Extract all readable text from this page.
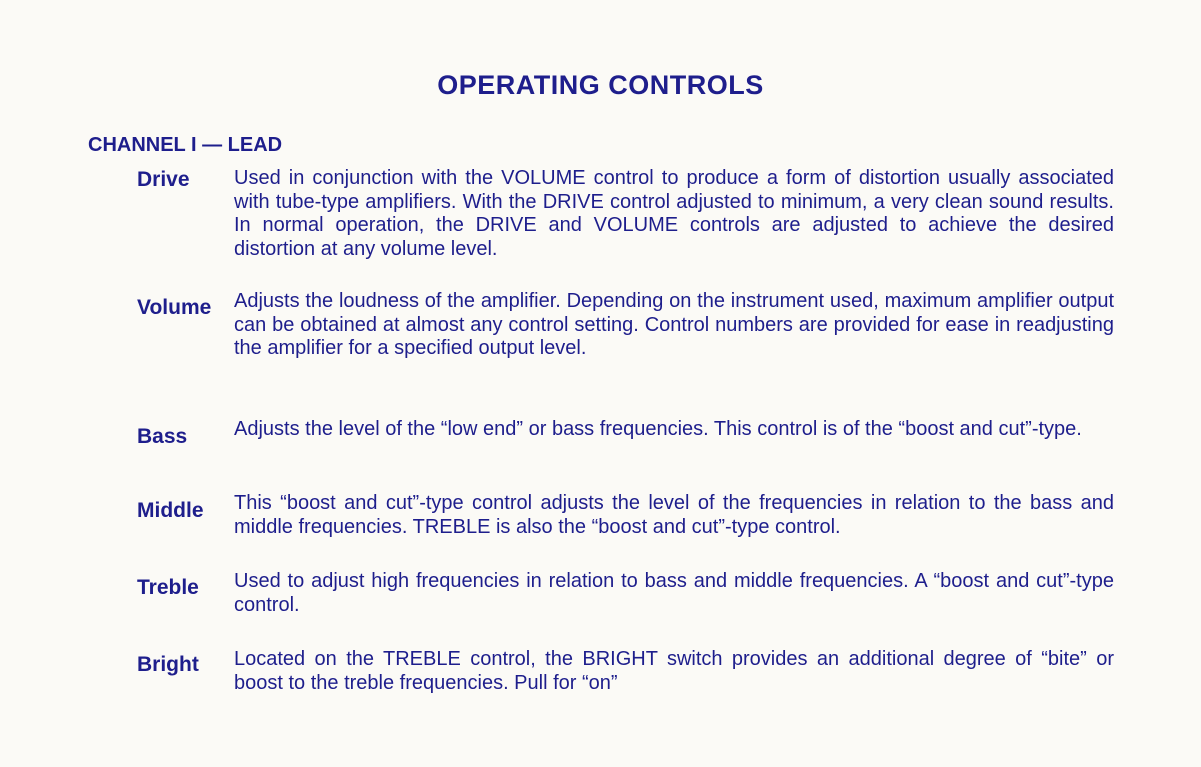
OPERATING CONTROLS
CHANNEL I — LEAD
Drive Used in conjunction with the VOLUME control to produce a form of distortion usually associated with tube-type amplifiers. With the DRIVE control adjusted to minimum, a very clean sound results. In normal operation, the DRIVE and VOLUME controls are adjusted to achieve the desired distortion at any volume level.

Volume Adjusts the loudness of the amplifier. Depending on the instrument used, maximum amplifier output can be obtained at almost any control setting. Control numbers are provided for ease in readjusting the amplifier for a specified output level.

Bass Adjusts the level of the “low end” or bass frequencies. This control is of the “boost and cut”-type.

Middle This “boost and cut”-type control adjusts the level of the frequencies in relation to the bass and middle frequencies. TREBLE is also the “boost and cut”-type control.

Treble Used to adjust high frequencies in relation to bass and middle frequencies. A “boost and cut”-type control.

Bright Located on the TREBLE control, the BRIGHT switch provides an additional degree of “bite” or boost to the treble frequencies. Pull for “on”
